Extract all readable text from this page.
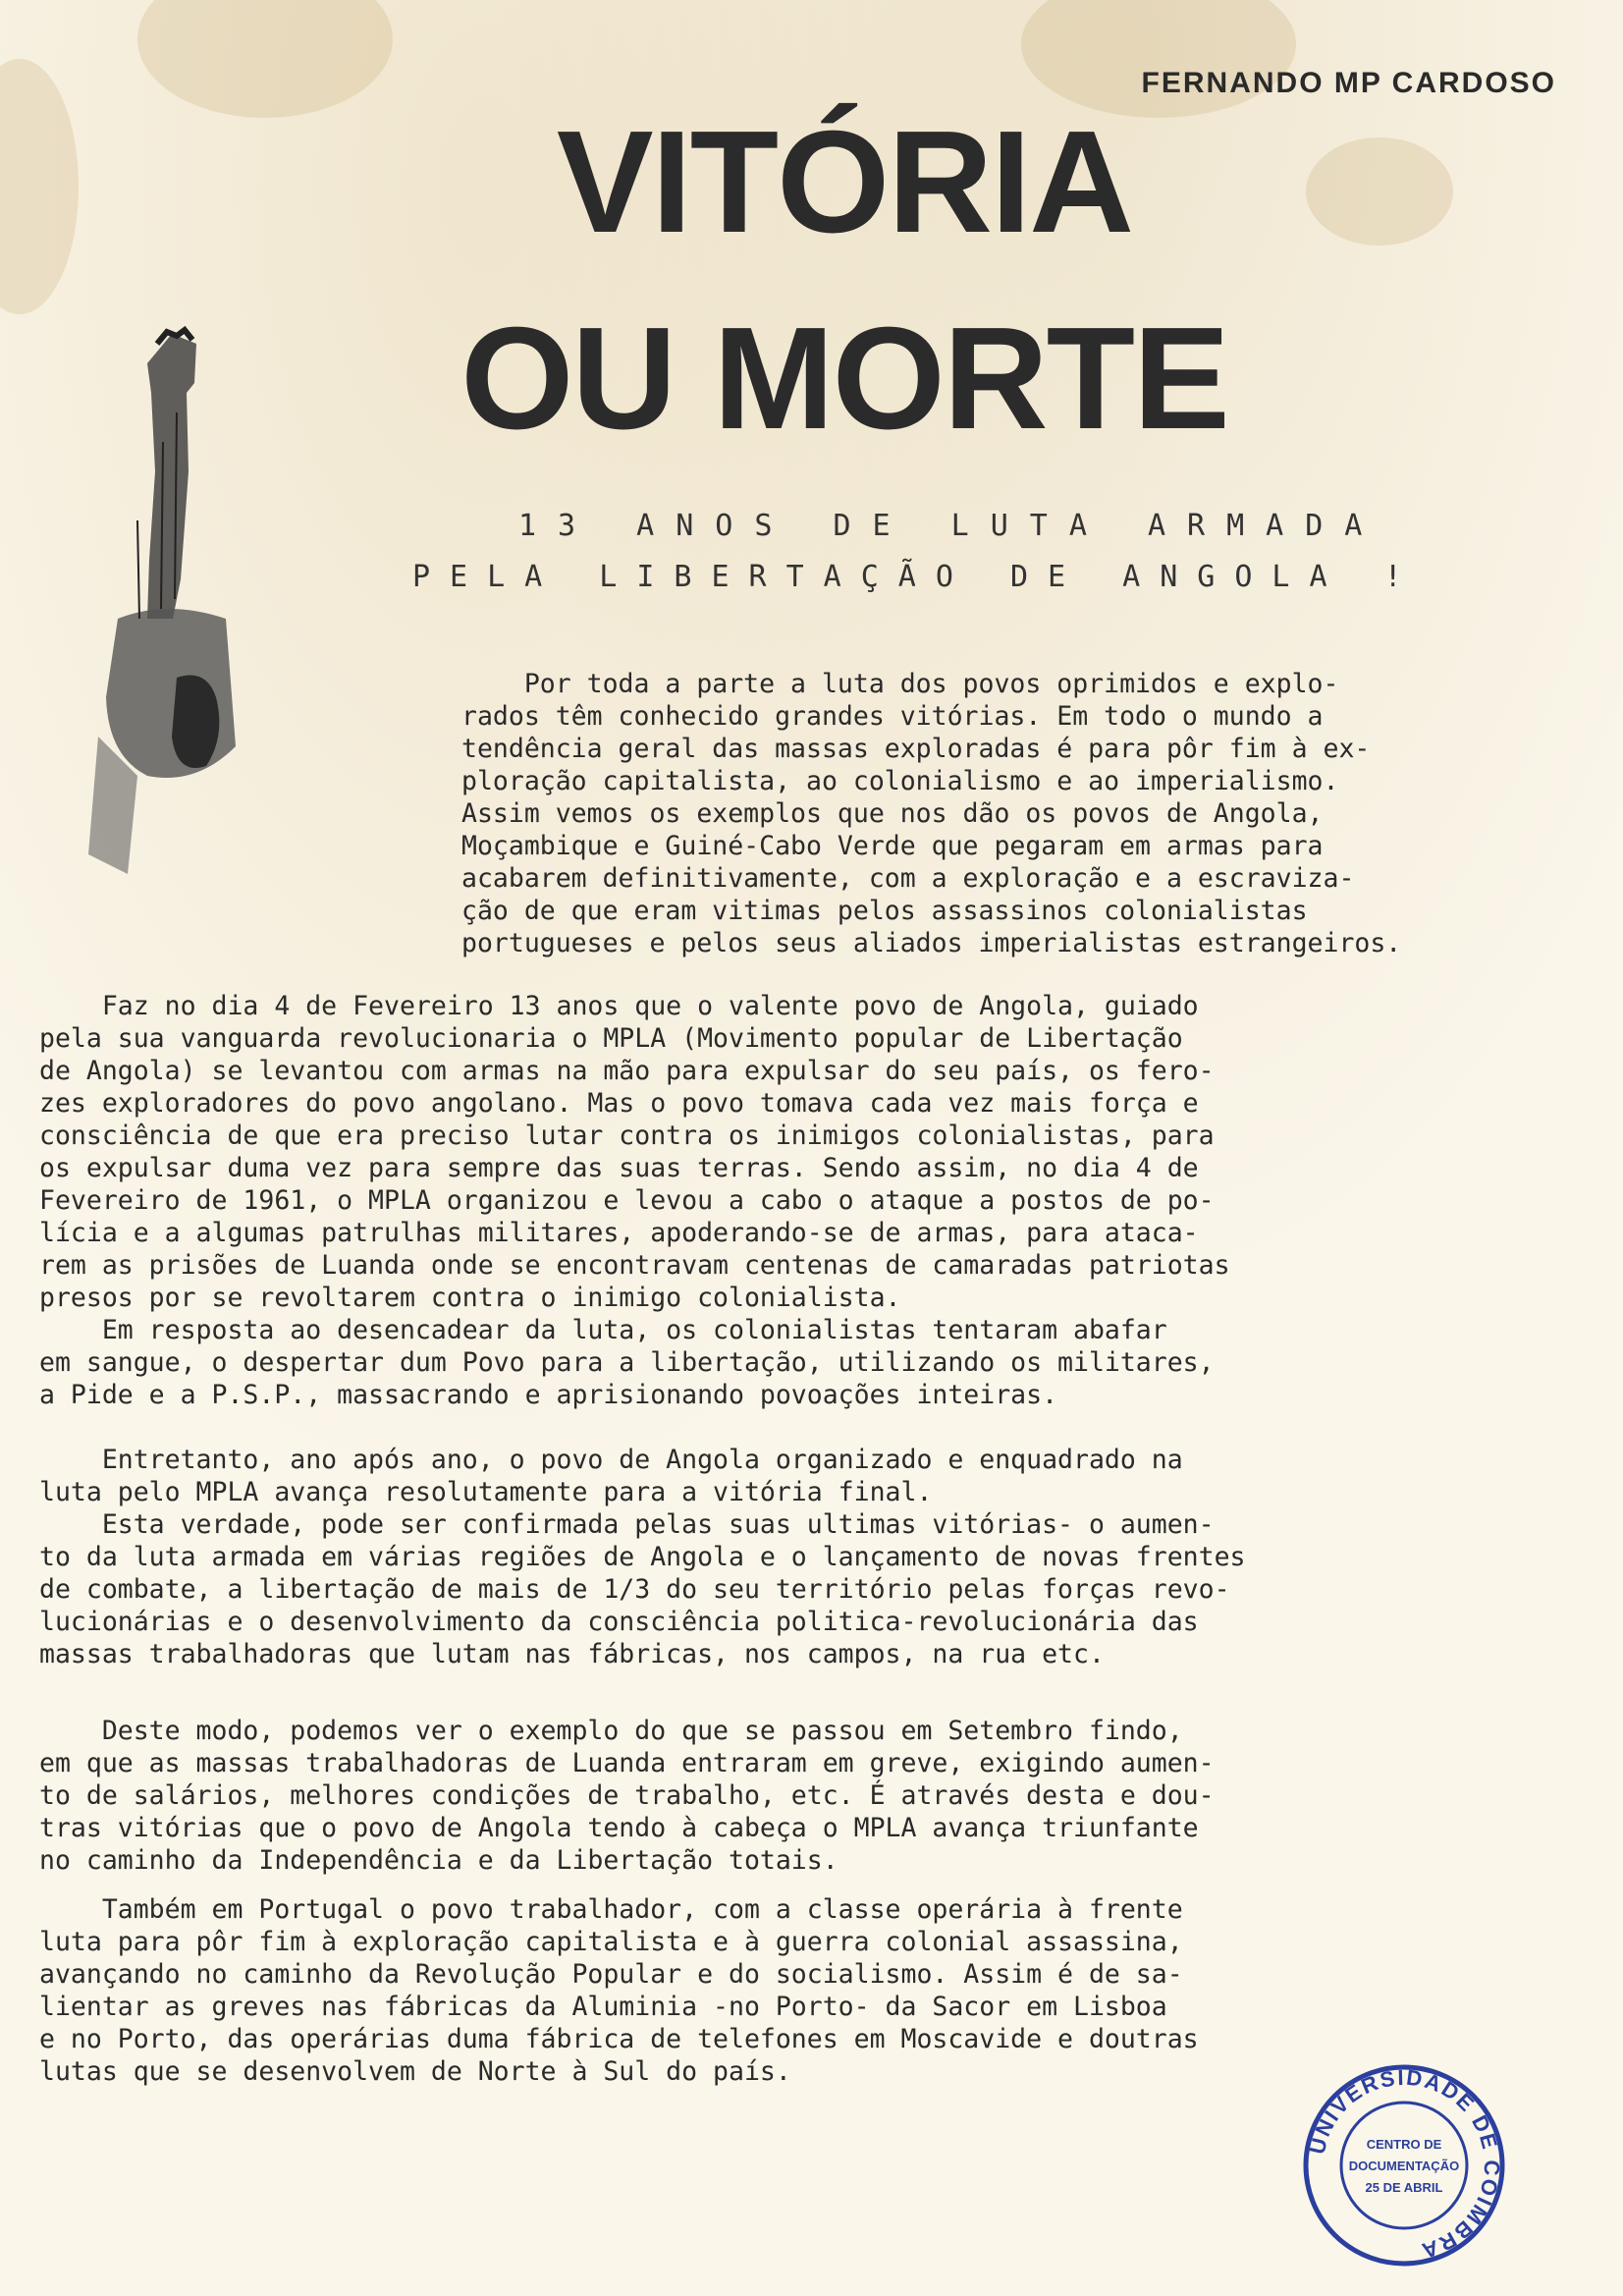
FERNANDO MP CARDOSO
VITÓRIA
OU MORTE
13 ANOS DE LUTA ARMADA
PELA LIBERTAÇÃO DE ANGOLA !
Por toda a parte a luta dos povos oprimidos e explo-
rados têm conhecido grandes vitórias. Em todo o mundo a
tendência geral das massas exploradas é para pôr fim à ex-
ploração capitalista, ao colonialismo e ao imperialismo.
Assim vemos os exemplos que nos dão os povos de Angola,
Moçambique e Guiné-Cabo Verde que pegaram em armas para
acabarem definitivamente, com a exploração e a escraviza-
ção de que eram vitimas pelos assassinos colonialistas
portugueses e pelos seus aliados imperialistas estrangeiros.
Faz no dia 4 de Fevereiro 13 anos que o valente povo de Angola, guiado
pela sua vanguarda revolucionaria o MPLA (Movimento popular de Libertação
de Angola) se levantou com armas na mão para expulsar do seu país, os fero-
zes exploradores do povo angolano. Mas o povo tomava cada vez mais força e
consciência de que era preciso lutar contra os inimigos colonialistas, para
os expulsar duma vez para sempre das suas terras. Sendo assim, no dia 4 de
Fevereiro de 1961, o MPLA organizou e levou a cabo o ataque a postos de po-
lícia e a algumas patrulhas militares, apoderando-se de armas, para ataca-
rem as prisões de Luanda onde se encontravam centenas de camaradas patriotas
presos por se revoltarem contra o inimigo colonialista.
Em resposta ao desencadear da luta, os colonialistas tentaram abafar
em sangue, o despertar dum Povo para a libertação, utilizando os militares,
a Pide e a P.S.P., massacrando e aprisionando povoações inteiras.
Entretanto, ano após ano, o povo de Angola organizado e enquadrado na
luta pelo MPLA avança resolutamente para a vitória final.
Esta verdade, pode ser confirmada pelas suas ultimas vitórias- o aumen-
to da luta armada em várias regiões de Angola e o lançamento de novas frentes
de combate, a libertação de mais de 1/3 do seu território pelas forças revo-
lucionárias e o desenvolvimento da consciência politica-revolucionária das
massas trabalhadoras que lutam nas fábricas, nos campos, na rua etc.
Deste modo, podemos ver o exemplo do que se passou em Setembro findo,
em que as massas trabalhadoras de Luanda entraram em greve, exigindo aumen-
to de salários, melhores condições de trabalho, etc. É através desta e dou-
tras vitórias que o povo de Angola tendo à cabeça o MPLA avança triunfante
no caminho da Independência e da Libertação totais.
Também em Portugal o povo trabalhador, com a classe operária à frente
luta para pôr fim à exploração capitalista e à guerra colonial assassina,
avançando no caminho da Revolução Popular e do socialismo. Assim é de sa-
lientar as greves nas fábricas da Aluminia -no Porto- da Sacor em Lisboa
e no Porto, das operárias duma fábrica de telefones em Moscavide e doutras
lutas que se desenvolvem de Norte à Sul do país.
UNIVERSIDADE DE COIMBRA
CENTRO DE
DOCUMENTAÇÃO
25 DE ABRIL
